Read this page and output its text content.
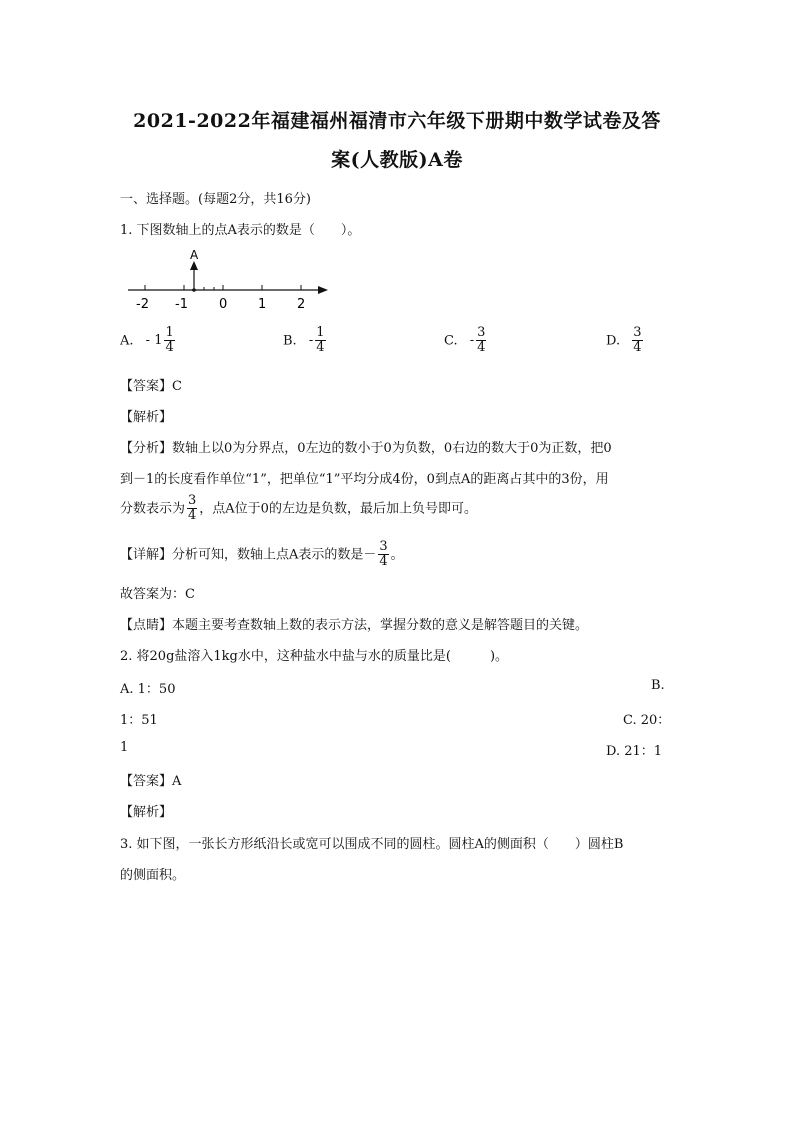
2021-2022年福建福州福清市六年级下册期中数学试卷及答
案(人教版)A卷
一、选择题。(每题2分，共16分)
1. 下图数轴上的点A表示的数是（　　）。
A
-2 -1 0 1 2
A. - $1 \frac{1}{4}$	B. - $\frac{1}{4}$	C. - $\frac{3}{4}$	D. $\frac{3}{4}$
【答案】C
【解析】
【分析】数轴上以0为分界点，0左边的数小于0为负数，0右边的数大于0为正数，把0
到－1的长度看作单位“1”，把单位“1”平均分成4份，0到点A的距离占其中的3份，用
分数表示为 $\frac{3}{4}$ ，点A位于0的左边是负数，最后加上负号即可。
【详解】分析可知，数轴上点A表示的数是－ $\frac{3}{4}$ 。
故答案为：C
【点睛】本题主要考查数轴上数的表示方法，掌握分数的意义是解答题目的关键。
2. 将20g盐溶入1kg水中，这种盐水中盐与水的质量比是(　　　)。
A. 1：50	B.
1：51	C. 20：
1	D. 21：1
【答案】A
【解析】
3. 如下图，一张长方形纸沿长或宽可以围成不同的圆柱。圆柱A的侧面积（　　）圆柱B
的侧面积。
